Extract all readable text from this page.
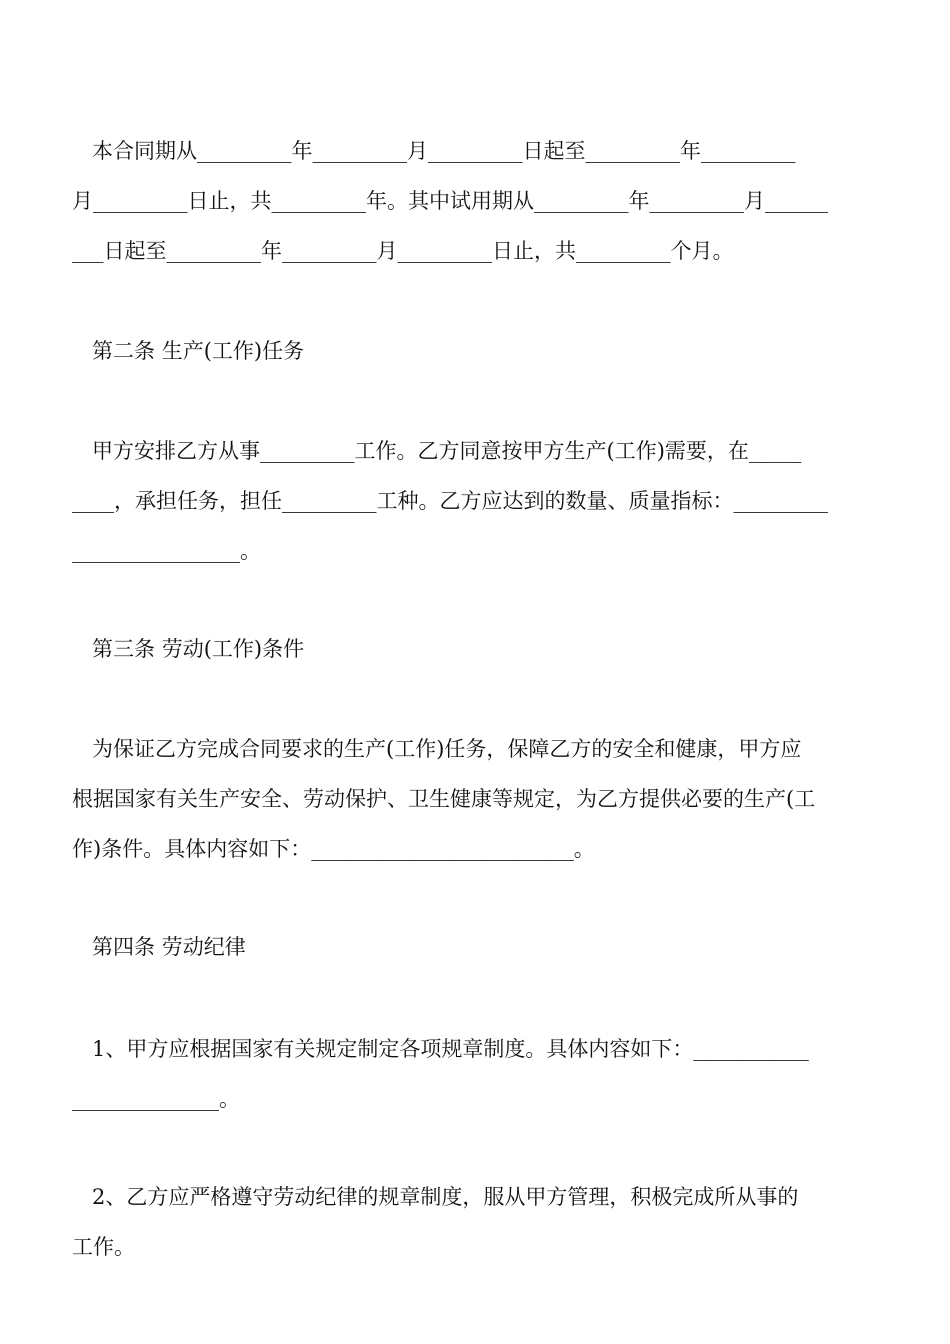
本合同期从_________年_________月_________日起至_________年_________
月_________日止，共_________年。其中试用期从_________年_________月______
___日起至_________年_________月_________日止，共_________个月。
第二条 生产(工作)任务
甲方安排乙方从事_________工作。乙方同意按甲方生产(工作)需要，在_____
____，承担任务，担任_________工种。乙方应达到的数量、质量指标：_________
________________。
第三条 劳动(工作)条件
为保证乙方完成合同要求的生产(工作)任务，保障乙方的安全和健康，甲方应
根据国家有关生产安全、劳动保护、卫生健康等规定，为乙方提供必要的生产(工
作)条件。具体内容如下：_________________________。
第四条 劳动纪律
1、甲方应根据国家有关规定制定各项规章制度。具体内容如下：___________
______________。
2、乙方应严格遵守劳动纪律的规章制度，服从甲方管理，积极完成所从事的
工作。
